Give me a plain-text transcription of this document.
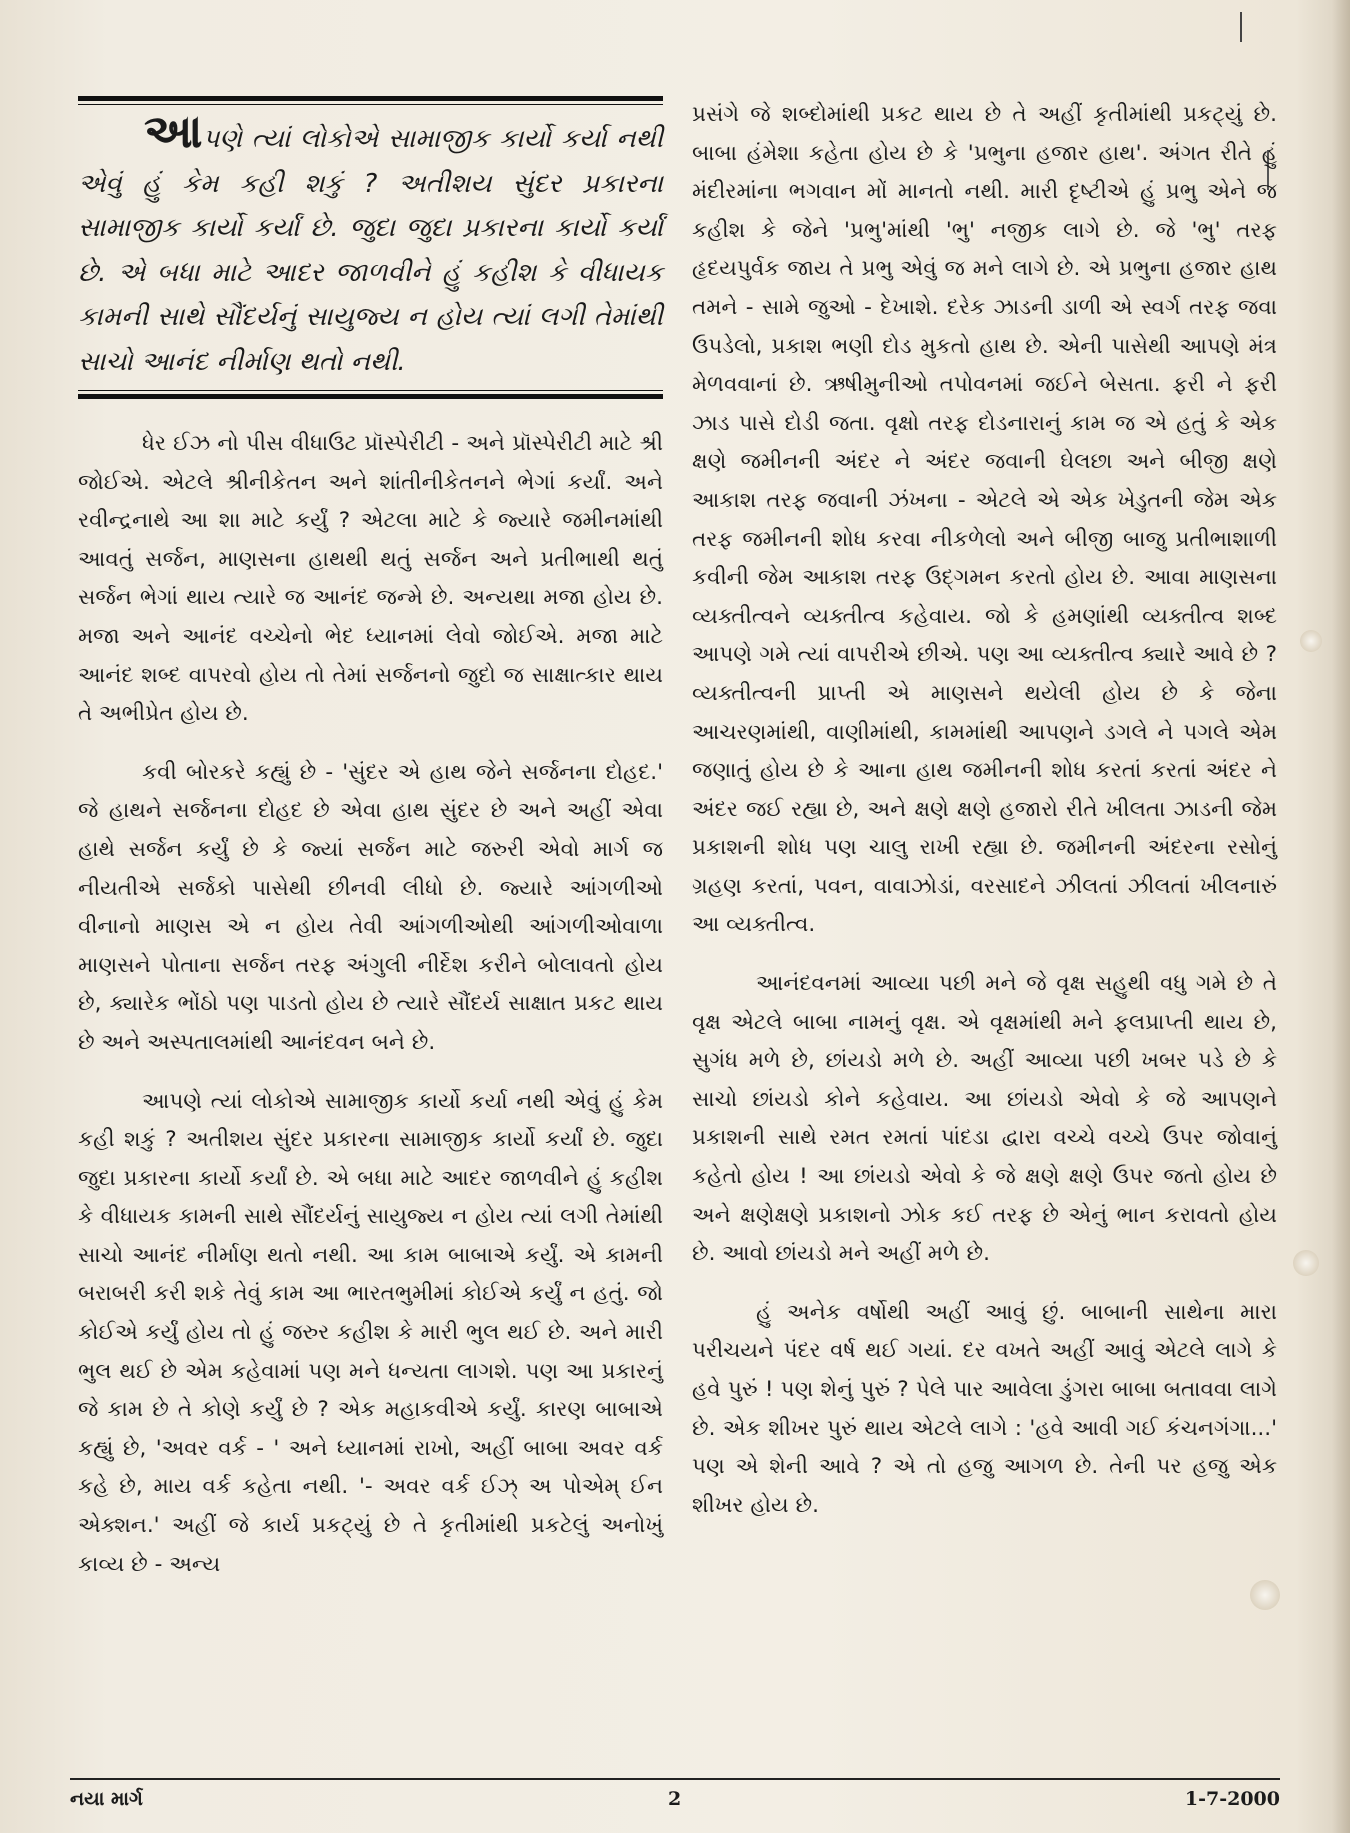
આપણે ત્યાં લોકોએ સામાજીક કાર્યો કર્યા નથી એવું હું કેમ કહી શકું ? અતીશય સુંદર પ્રકારના સામાજીક કાર્યો કર્યાં છે. જુદા જુદા પ્રકારના કાર્યો કર્યાં છે. એ બધા માટે આદર જાળવીને હું કહીશ કે વીધાયક કામની સાથે સૌંદર્યનું સાયુજ્ય ન હોય ત્યાં લગી તેમાંથી સાચો આનંદ નીર્માણ થતો નથી.

ધેર ઈઝ નો પીસ વીધાઉટ પ્રૉસ્પેરીટી - અને પ્રૉસ્પેરીટી માટે શ્રી જોઈએ. એટલે શ્રીનીકેતન અને શાંતીનીકેતનને ભેગાં કર્યાં. અને રવીન્દ્રનાથે આ શા માટે કર્યું ? એટલા માટે કે જ્યારે જમીનમાંથી આવતું સર્જન, માણસના હાથથી થતું સર્જન અને પ્રતીભાથી થતું સર્જન ભેગાં થાય ત્યારે જ આનંદ જન્મે છે. અન્યથા મજા હોય છે. મજા અને આનંદ વચ્ચેનો ભેદ ધ્યાનમાં લેવો જોઈએ. મજા માટે આનંદ શબ્દ વાપરવો હોય તો તેમાં સર્જનનો જુદો જ સાક્ષાત્કાર થાય તે અભીપ્રેત હોય છે.

કવી બોરકરે કહ્યું છે - 'સુંદર એ હાથ જેને સર્જનના દોહદ.' જે હાથને સર્જનના દોહદ છે એવા હાથ સુંદર છે અને અહીં એવા હાથે સર્જન કર્યું છે કે જ્યાં સર્જન માટે જરુરી એવો માર્ગ જ નીયતીએ સર્જકો પાસેથી છીનવી લીધો છે. જ્યારે આંગળીઓ વીનાનો માણસ એ ન હોય તેવી આંગળીઓથી આંગળીઓવાળા માણસને પોતાના સર્જન તરફ અંગુલી નીર્દેશ કરીને બોલાવતો હોય છે, ક્યારેક ભોંઠો પણ પાડતો હોય છે ત્યારે સૌંદર્ય સાક્ષાત પ્રકટ થાય છે અને અસ્પતાલમાંથી આનંદવન બને છે.

આપણે ત્યાં લોકોએ સામાજીક કાર્યો કર્યા નથી એવું હું કેમ કહી શકું ? અતીશય સુંદર પ્રકારના સામાજીક કાર્યો કર્યાં છે. જુદા જુદા પ્રકારના કાર્યો કર્યાં છે. એ બધા માટે આદર જાળવીને હું કહીશ કે વીધાયક કામની સાથે સૌંદર્યનું સાયુજ્ય ન હોય ત્યાં લગી તેમાંથી સાચો આનંદ નીર્માણ થતો નથી. આ કામ બાબાએ કર્યું. એ કામની બરાબરી કરી શકે તેવું કામ આ ભારતભુમીમાં કોઈએ કર્યું ન હતું. જો કોઈએ કર્યું હોય તો હું જરુર કહીશ કે મારી ભુલ થઈ છે. અને મારી ભુલ થઈ છે એમ કહેવામાં પણ મને ધન્યતા લાગશે. પણ આ પ્રકારનું જે કામ છે તે કોણે કર્યું છે ? એક મહાકવીએ કર્યું. કારણ બાબાએ કહ્યું છે, 'અવર વર્ક - ' અને ધ્યાનમાં રાખો, અહીં બાબા અવર વર્ક કહે છે, માય વર્ક કહેતા નથી. '- અવર વર્ક ઈઝ્ અ પોએમ્ ઈન એક્શન.' અહીં જે કાર્ય પ્રકટ્યું છે તે કૃતીમાંથી પ્રકટેલું અનોખું કાવ્ય છે - અન્ય

પ્રસંગે જે શબ્દોમાંથી પ્રકટ થાય છે તે અહીં કૃતીમાંથી પ્રકટ્યું છે. બાબા હંમેશા કહેતા હોય છે કે 'પ્રભુના હજાર હાથ'. અંગત રીતે હું મંદીરમાંના ભગવાન મોં માનતો નથી. મારી દૃષ્ટીએ હું પ્રભુ એને જ કહીશ કે જેને 'પ્રભુ'માંથી 'ભુ' નજીક લાગે છે. જે 'ભુ' તરફ હૃદયપુર્વક જાય તે પ્રભુ એવું જ મને લાગે છે. એ પ્રભુના હજાર હાથ તમને - સામે જુઓ - દેખાશે. દરેક ઝાડની ડાળી એ સ્વર્ગ તરફ જવા ઉપડેલો, પ્રકાશ ભણી દોડ મુકતો હાથ છે. એની પાસેથી આપણે મંત્ર મેળવવાનાં છે. ઋષીમુનીઓ તપોવનમાં જઈને બેસતા. ફરી ને ફરી ઝાડ પાસે દોડી જતા. વૃક્ષો તરફ દોડનારાનું કામ જ એ હતું કે એક ક્ષણે જમીનની અંદર ને અંદર જવાની ઘેલછા અને બીજી ક્ષણે આકાશ તરફ જવાની ઝંખના - એટલે એ એક ખેડુતની જેમ એક તરફ જમીનની શોધ કરવા નીકળેલો અને બીજી બાજુ પ્રતીભાશાળી કવીની જેમ આકાશ તરફ ઉદ્‌ગમન કરતો હોય છે. આવા માણસના વ્યક્તીત્વને વ્યક્તીત્વ કહેવાય. જો કે હમણાંથી વ્યક્તીત્વ શબ્દ આપણે ગમે ત્યાં વાપરીએ છીએ. પણ આ વ્યક્તીત્વ ક્યારે આવે છે ? વ્યક્તીત્વની પ્રાપ્તી એ માણસને થયેલી હોય છે કે જેના આચરણમાંથી, વાણીમાંથી, કામમાંથી આપણને ડગલે ને પગલે એમ જણાતું હોય છે કે આના હાથ જમીનની શોધ કરતાં કરતાં અંદર ને અંદર જઈ રહ્યા છે, અને ક્ષણે ક્ષણે હજારો રીતે ખીલતા ઝાડની જેમ પ્રકાશની શોધ પણ ચાલુ રાખી રહ્યા છે. જમીનની અંદરના રસોનું ગ્રહણ કરતાં, પવન, વાવાઝોડાં, વરસાદને ઝીલતાં ઝીલતાં ખીલનારું આ વ્યક્તીત્વ.

આનંદવનમાં આવ્યા પછી મને જે વૃક્ષ સહુથી વધુ ગમે છે તે વૃક્ષ એટલે બાબા નામનું વૃક્ષ. એ વૃક્ષમાંથી મને ફલપ્રાપ્તી થાય છે, સુગંધ મળે છે, છાંયડો મળે છે. અહીં આવ્યા પછી ખબર પડે છે કે સાચો છાંયડો કોને કહેવાય. આ છાંયડો એવો કે જે આપણને પ્રકાશની સાથે રમત રમતાં પાંદડા દ્વારા વચ્ચે વચ્ચે ઉપર જોવાનું કહેતો હોય ! આ છાંયડો એવો કે જે ક્ષણે ક્ષણે ઉપર જતો હોય છે અને ક્ષણેક્ષણે પ્રકાશનો ઝોક કઈ તરફ છે એનું ભાન કરાવતો હોય છે. આવો છાંયડો મને અહીં મળે છે.

હું અનેક વર્ષોથી અહીં આવું છું. બાબાની સાથેના મારા પરીચયને પંદર વર્ષ થઈ ગયાં. દર વખતે અહીં આવું એટલે લાગે કે હવે પુરું ! પણ શેનું પુરું ? પેલે પાર આવેલા ડુંગરા બાબા બતાવવા લાગે છે. એક શીખર પુરું થાય એટલે લાગે : 'હવે આવી ગઈ કંચનગંગા...' પણ એ શેની આવે ? એ તો હજુ આગળ છે. તેની પર હજુ એક શીખર હોય છે.

નયા માર્ગ	2	1-7-2000
